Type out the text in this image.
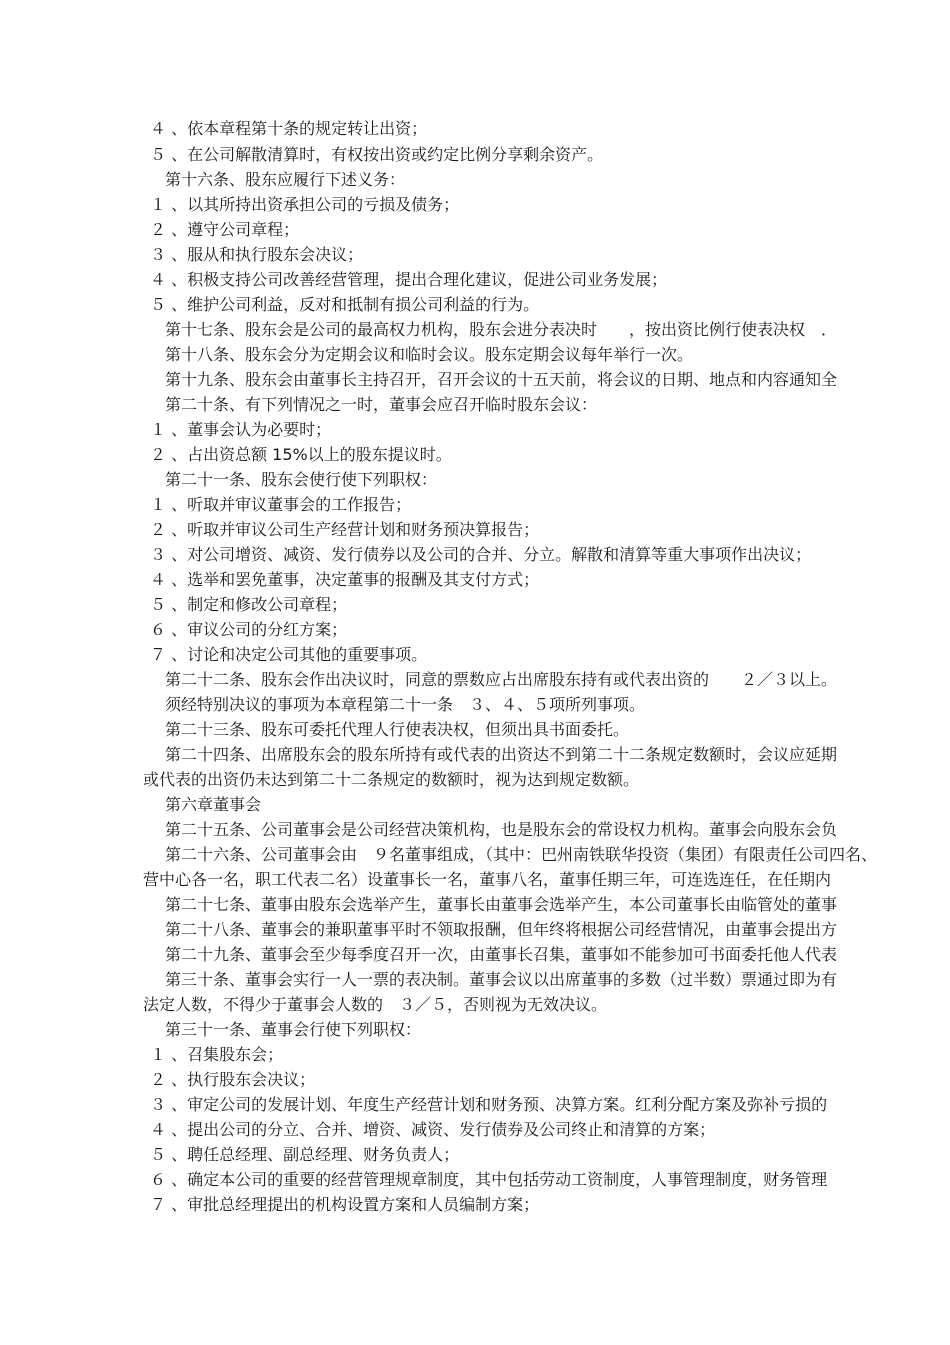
４ 、依本章程第十条的规定转让出资；
５ 、在公司解散清算时，有权按出资或约定比例分享剩余资产。
第十六条、股东应履行下述义务：
１ 、以其所持出资承担公司的亏损及债务；
２ 、遵守公司章程；
３ 、服从和执行股东会决议；
４ 、积极支持公司改善经营管理，提出合理化建议，促进公司业务发展；
５ 、维护公司利益，反对和抵制有损公司利益的行为。
第十七条、股东会是公司的最高权力机构，股东会进分表决时　　，按出资比例行使表决权　．
第十八条、股东会分为定期会议和临时会议。股东定期会议每年举行一次。
第十九条、股东会由董事长主持召开，召开会议的十五天前，将会议的日期、地点和内容通知全
第二十条、有下列情况之一时，董事会应召开临时股东会议：
１ 、董事会认为必要时；
２ 、占出资总额 15%以上的股东提议时。
第二十一条、股东会使行使下列职权：
１ 、听取并审议董事会的工作报告；
２ 、听取并审议公司生产经营计划和财务预决算报告；
３ 、对公司增资、减资、发行债券以及公司的合并、分立。解散和清算等重大事项作出决议；
４ 、选举和罢免董事，决定董事的报酬及其支付方式；
５ 、制定和修改公司章程；
６ 、审议公司的分红方案；
７ 、讨论和决定公司其他的重要事项。
第二十二条、股东会作出决议时，同意的票数应占出席股东持有或代表出资的　　２／３以上。
须经特别决议的事项为本章程第二十一条　３、４、５项所列事项。
第二十三条、股东可委托代理人行使表决权，但须出具书面委托。
第二十四条、出席股东会的股东所持有或代表的出资达不到第二十二条规定数额时，会议应延期
或代表的出资仍未达到第二十二条规定的数额时，视为达到规定数额。
第六章董事会
第二十五条、公司董事会是公司经营决策机构，也是股东会的常设权力机构。董事会向股东会负
第二十六条、公司董事会由　９名董事组成，（其中：巴州南铁联华投资（集团）有限责任公司四名、
营中心各一名，职工代表二名）设董事长一名，董事八名，董事任期三年，可连选连任，在任期内
第二十七条、董事由股东会选举产生，董事长由董事会选举产生，本公司董事长由临管处的董事
第二十八条、董事会的兼职董事平时不领取报酬，但年终将根据公司经营情况，由董事会提出方
第二十九条、董事会至少每季度召开一次，由董事长召集，董事如不能参加可书面委托他人代表
第三十条、董事会实行一人一票的表决制。董事会议以出席董事的多数（过半数）票通过即为有
法定人数，不得少于董事会人数的　３／５，否则视为无效决议。
第三十一条、董事会行使下列职权：
１ 、召集股东会；
２ 、执行股东会决议；
３ 、审定公司的发展计划、年度生产经营计划和财务预、决算方案。红利分配方案及弥补亏损的
４ 、提出公司的分立、合并、增资、减资、发行债券及公司终止和清算的方案；
５ 、聘任总经理、副总经理、财务负责人；
６ 、确定本公司的重要的经营管理规章制度，其中包括劳动工资制度，人事管理制度，财务管理
７ 、审批总经理提出的机构设置方案和人员编制方案；
